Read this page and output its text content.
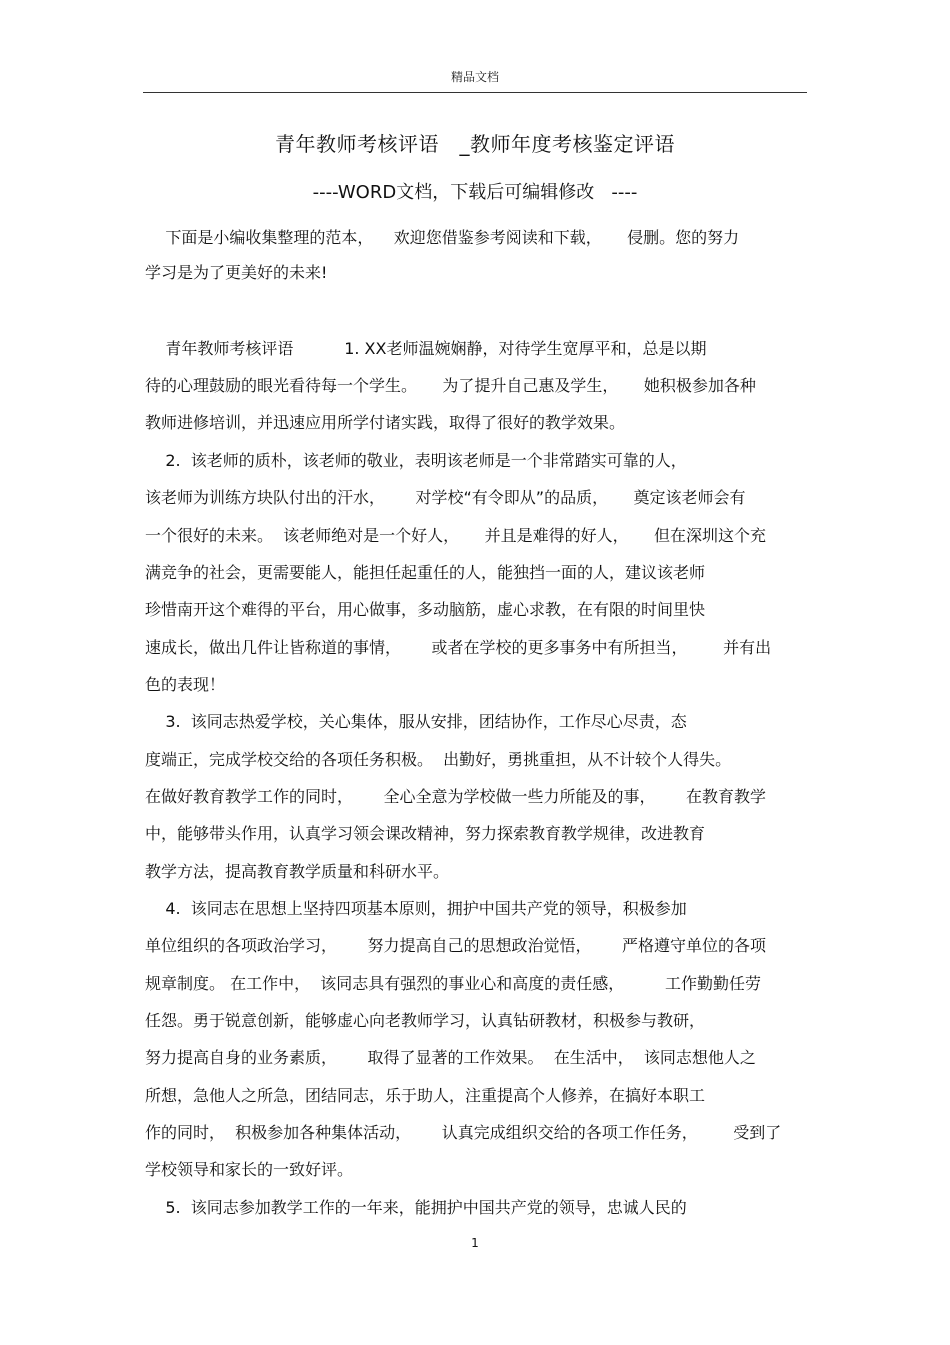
精品文档
青年教师考核评语   _教师年度考核鉴定评语
----WORD文档，下载后可编辑修改   ----
下面是小编收集整理的范本，    欢迎您借鉴参考阅读和下载，     侵删。您的努力
学习是为了更美好的未来!
青年教师考核评语          1. XX老师温婉娴静，对待学生宽厚平和，总是以期
待的心理鼓励的眼光看待每一个学生。     为了提升自己惠及学生，     她积极参加各种
教师进修培训，并迅速应用所学付诸实践，取得了很好的教学效果。
2.  该老师的质朴，该老师的敬业，表明该老师是一个非常踏实可靠的人，
该老师为训练方块队付出的汗水，      对学校“有令即从”的品质，     奠定该老师会有
一个很好的未来。  该老师绝对是一个好人，     并且是难得的好人，     但在深圳这个充
满竞争的社会，更需要能人，能担任起重任的人，能独挡一面的人，建议该老师
珍惜南开这个难得的平台，用心做事，多动脑筋，虚心求教，在有限的时间里快
速成长，做出几件让皆称道的事情，      或者在学校的更多事务中有所担当，       并有出
色的表现！
3.  该同志热爱学校，关心集体，服从安排，团结协作，工作尽心尽责，态
度端正，完成学校交给的各项任务积极。  出勤好，勇挑重担，从不计较个人得失。
在做好教育教学工作的同时，      全心全意为学校做一些力所能及的事，      在教育教学
中，能够带头作用，认真学习领会课改精神，努力探索教育教学规律，改进教育
教学方法，提高教育教学质量和科研水平。
4.  该同志在思想上坚持四项基本原则，拥护中国共产党的领导，积极参加
单位组织的各项政治学习，      努力提高自己的思想政治觉悟，      严格遵守单位的各项
规章制度。 在工作中，  该同志具有强烈的事业心和高度的责任感，        工作勤勤任劳
任怨。勇于锐意创新，能够虚心向老教师学习，认真钻研教材，积极参与教研，
努力提高自身的业务素质，      取得了显著的工作效果。  在生活中，  该同志想他人之
所想，急他人之所急，团结同志，乐于助人，注重提高个人修养，在搞好本职工
作的同时，  积极参加各种集体活动，      认真完成组织交给的各项工作任务，       受到了
学校领导和家长的一致好评。
5.  该同志参加教学工作的一年来，能拥护中国共产党的领导，忠诚人民的
1
